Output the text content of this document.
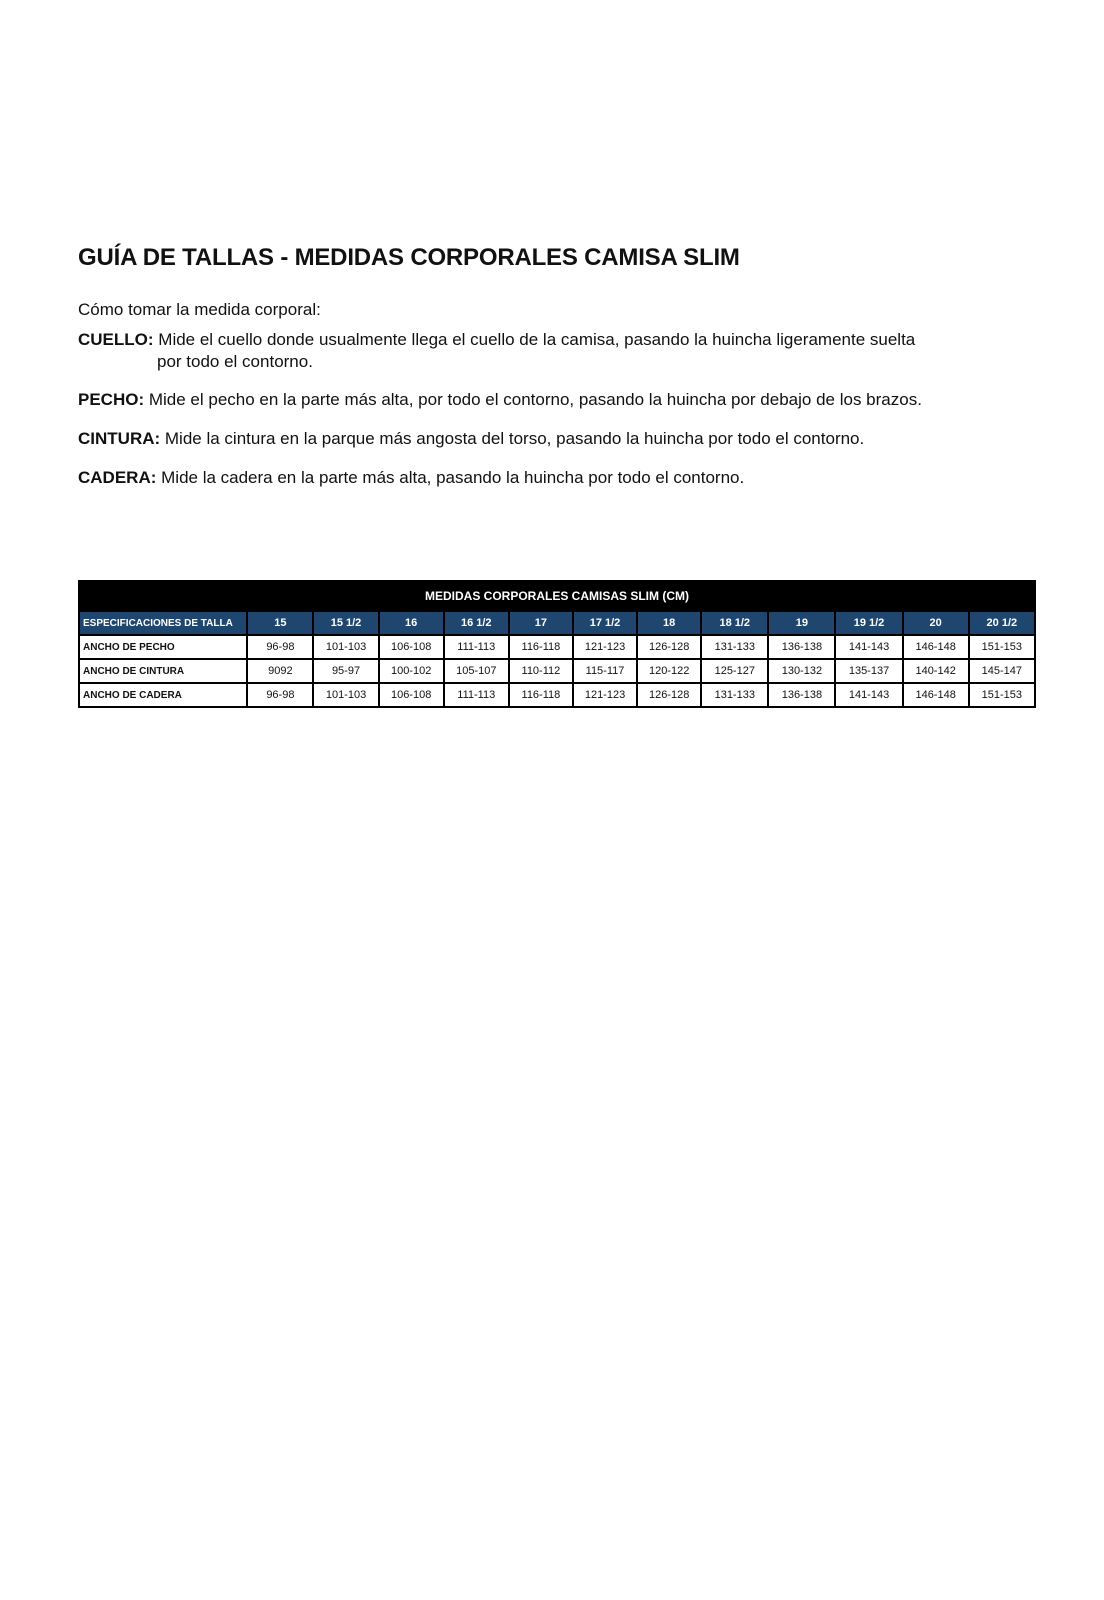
GUÍA DE TALLAS - MEDIDAS CORPORALES CAMISA SLIM
Cómo tomar la medida corporal:
CUELLO: Mide el cuello donde usualmente llega el cuello de la camisa, pasando la huincha ligeramente suelta
por todo el contorno.
PECHO: Mide el pecho en la parte más alta, por todo el contorno, pasando la huincha por debajo de los brazos.
CINTURA: Mide la cintura en la parque más angosta del torso, pasando la huincha por todo el contorno.
CADERA: Mide la cadera en la parte más alta, pasando la huincha por todo el contorno.
MEDIDAS CORPORALES CAMISAS SLIM (CM)												
ESPECIFICACIONES DE TALLA	15	15 1/2	16	16 1/2	17	17 1/2	18	18 1/2	19	19 1/2	20	20 1/2
ANCHO DE PECHO	96-98	101-103	106-108	111-113	116-118	121-123	126-128	131-133	136-138	141-143	146-148	151-153
ANCHO DE CINTURA	9092	95-97	100-102	105-107	110-112	115-117	120-122	125-127	130-132	135-137	140-142	145-147
ANCHO DE CADERA	96-98	101-103	106-108	111-113	116-118	121-123	126-128	131-133	136-138	141-143	146-148	151-153
